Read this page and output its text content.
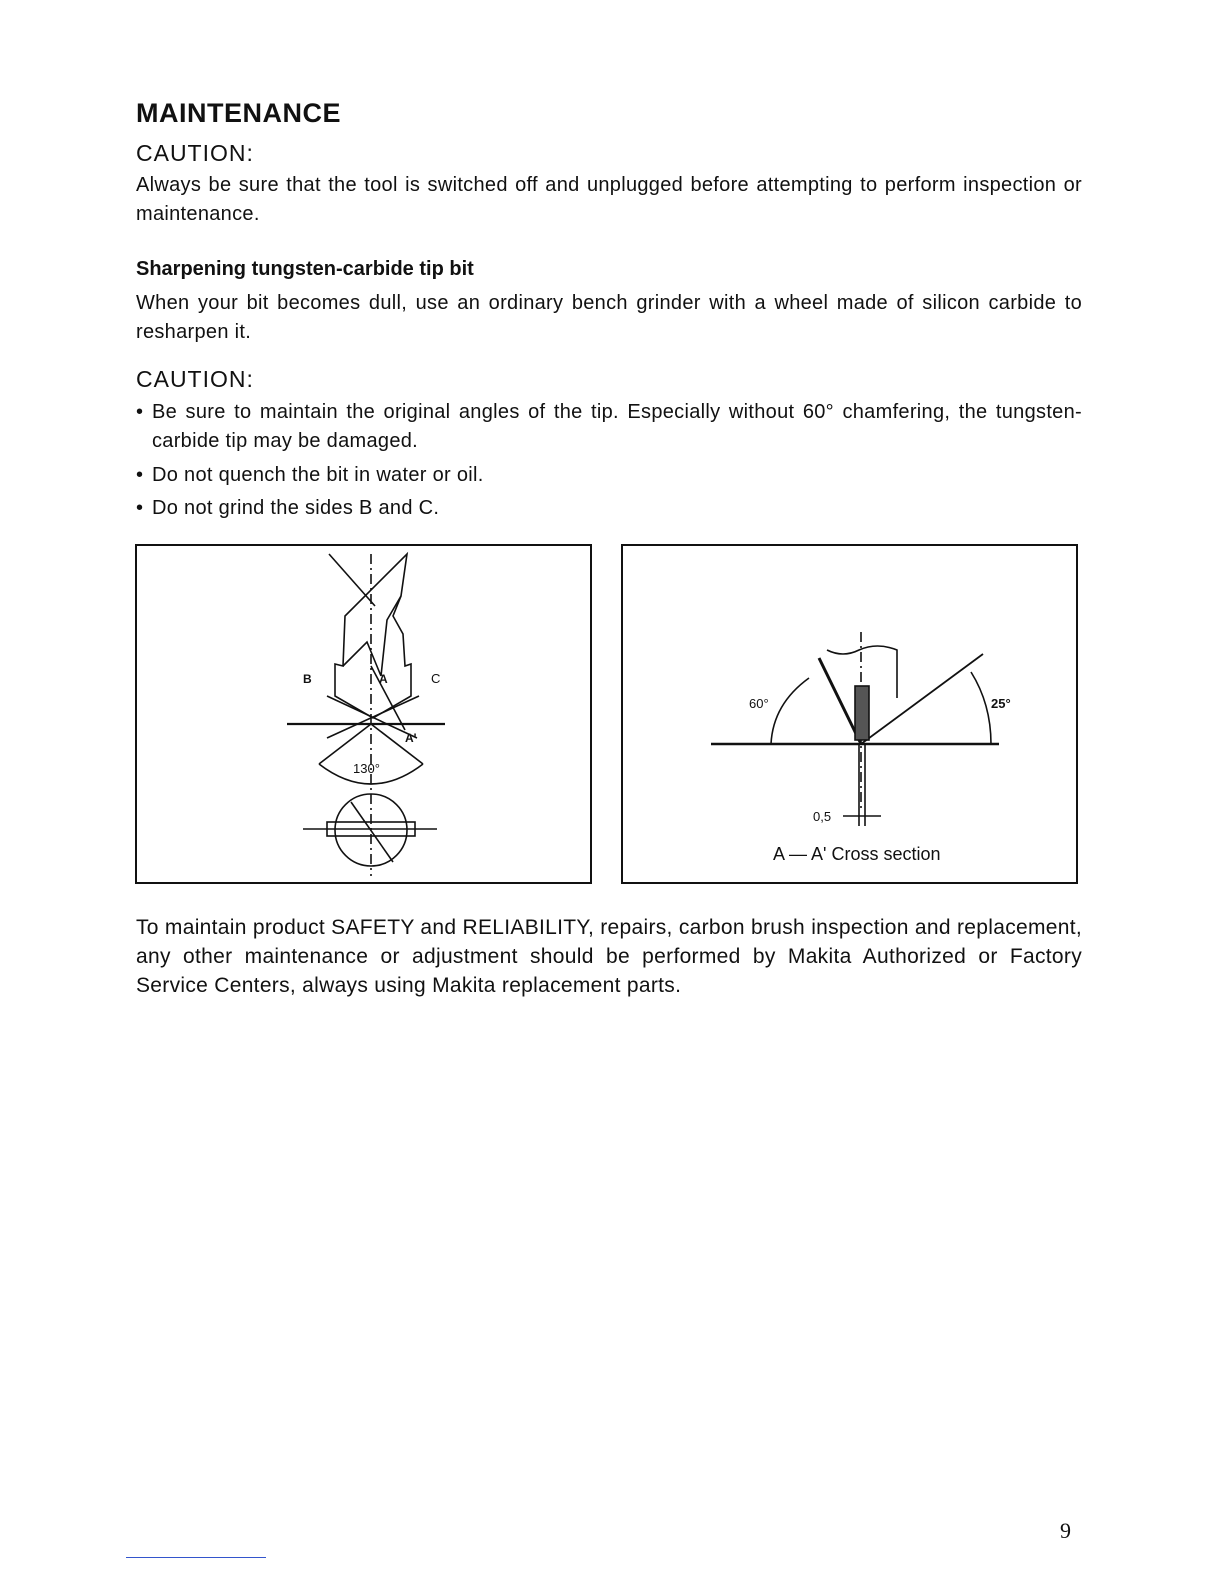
MAINTENANCE
CAUTION:
Always be sure that the tool is switched off and unplugged before attempting to perform inspection or maintenance.
Sharpening tungsten-carbide tip bit
When your bit becomes dull, use an ordinary bench grinder with a wheel made of silicon carbide to resharpen it.
CAUTION:
• Be sure to maintain the original angles of the tip. Especially without 60° chamfering, the tungsten-carbide tip may be damaged.
• Do not quench the bit in water or oil.
• Do not grind the sides B and C.
B	A	C
A'
130°
60°	25°
0,5
A — A' Cross section
To maintain product SAFETY and RELIABILITY, repairs, carbon brush inspection and replacement, any other maintenance or adjustment should be performed by Makita Authorized or Factory Service Centers, always using Makita replacement parts.
9
